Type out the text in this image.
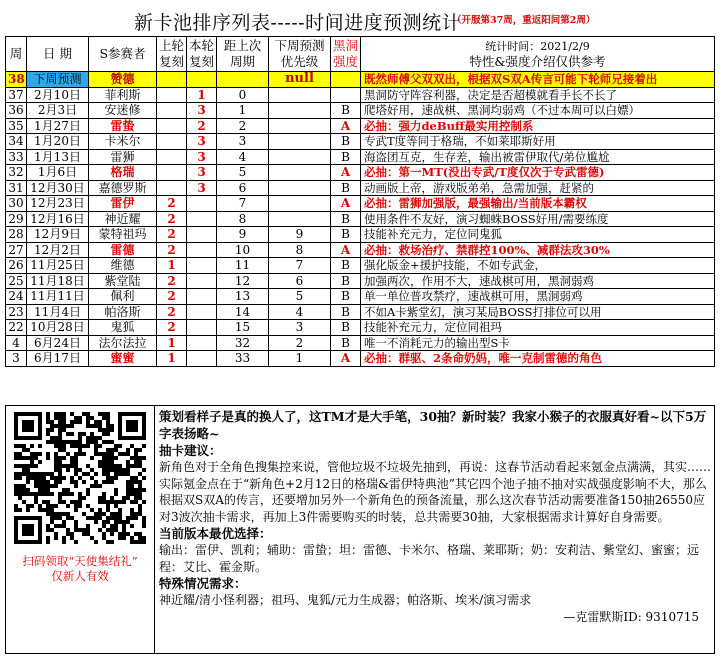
新卡池排序列表-----时间进度预测统计
（开服第37周，重返阳间第2周）
周	日 期	S参赛者	上轮复刻	本轮复刻	距上次周期	下周预测优先级	黑洞强度	统计时间：2021/2/9
特性&强度介绍仅供参考

38	下周预测	赞德				null		既然师傅父双双出，根据双S双A传言可能下轮师兄接着出
37	2月10日	菲利斯		1	0			黑洞防守阵容利器，决定是否超模就看手长不长了
36	2月3日	安迷修		3	1		B	爬塔好用，速战棋、黑洞均弱鸡（不过本周可以白嫖）
35	1月27日	雷蛰		2	2		A	必抽：强力deBuff最实用控制系
34	1月20日	卡米尔		3	3		B	专武T度等同于格瑞，不如莱耶斯好用
33	1月13日	雷狮		3	4		B	海盗团互克，生存差，输出被雷伊取代/弟位尴尬
32	1月6日	格瑞		3	5		A	必抽：第一MT(没出专武/T度仅次于专武雷德)
31	12月30日	嘉德罗斯		3	6		B	动画版上帝，游戏版弟弟，急需加强，赶紧的
30	12月23日	雷伊	2		7		A	必抽：雷狮加强版，最强输出/当前版本霸权
29	12月16日	神近耀	2		8		B	使用条件不友好，演习蜘蛛BOSS好用/需要练度
28	12月9日	蒙特祖玛	2		9	9	B	技能补充元力，定位同鬼狐
27	12月2日	雷德	2		10	8	A	必抽：救场治疗、禁群控100%、减群法攻30%
26	11月25日	维德	1		11	7	B	强化版金+援护技能，不如专武金，
25	11月18日	紫堂陆	2		12	6	B	加强两次，作用不大，速战棋可用，黑洞弱鸡
24	11月11日	佩利	2		13	5	B	单一单位普攻禁疗，速战棋可用，黑洞弱鸡
23	11月4日	帕洛斯	2		14	4	B	不如A卡紫堂幻，演习某局BOSS打排位可以用
22	10月28日	鬼狐	2		15	3	B	技能补充元力，定位同祖玛
4	6月24日	法尔法拉	1		32	2	B	唯一不消耗元力的输出型S卡
3	6月17日	蜜蜜	1		33	1	A	必抽：群驱、2条命奶妈，唯一克制雷德的角色
扫码领取“天使集结礼”
仅新人有效

策划看样子是真的换人了，这TM才是大手笔，30抽？新时装？我家小猴子的衣服真好看~以下5万字表扬略~

抽卡建议：

新角色对于全角色搜集控来说，管他垃圾不垃圾先抽到，再说：这春节活动看起来氪金点满满，其实……实际氪金点在于“新角色+2月12日的格瑞&雷伊特典池”其它四个池子抽不抽对实战强度影响不大，那么根据双S双A的传言，还要增加另外一个新角色的预备流量，那么这次春节活动需要准备150抽26550应对3波次抽卡需求，再加上3件需要购买的时装，总共需要30抽，大家根据需求计算好自身需要。

当前版本最优选择：

输出：雷伊、凯莉；辅助：雷蛰；坦：雷德、卡米尔、格瑞、莱耶斯；奶：安莉洁、紫堂幻、蜜蜜；远程：艾比、霍金斯。

特殊情况需求：

神近耀/清小怪利器；祖玛、鬼狐/元力生成器；帕洛斯、埃米/演习需求

—克雷默斯ID: 9310715
